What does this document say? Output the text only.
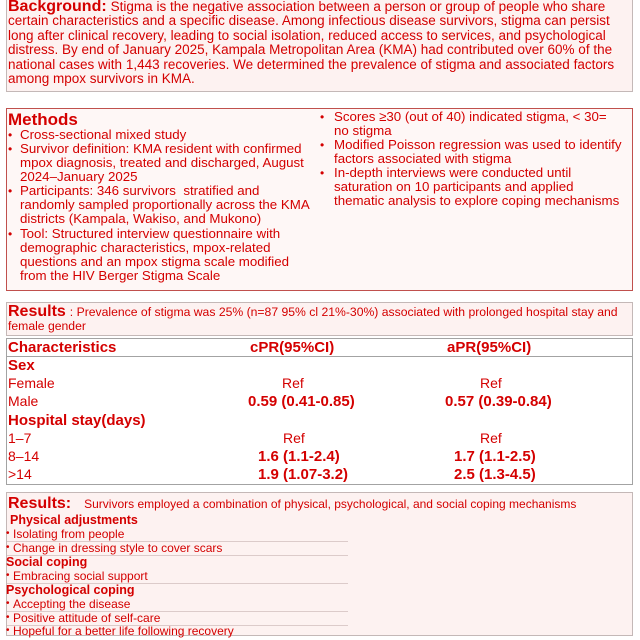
Background: Stigma is the negative association between a person or group of people who share
certain characteristics and a specific disease. Among infectious disease survivors, stigma can persist
long after clinical recovery, leading to social isolation, reduced access to services, and psychological
distress. By end of January 2025, Kampala Metropolitan Area (KMA) had contributed over 60% of the
national cases with 1,443 recoveries. We determined the prevalence of stigma and associated factors
among mpox survivors in KMA.
Methods
• Cross-sectional mixed study
• Survivor definition: KMA resident with confirmed
mpox diagnosis, treated and discharged, August
2024–January 2025
• Participants: 346 survivors  stratified and
randomly sampled proportionally across the KMA
districts (Kampala, Wakiso, and Mukono)
• Tool: Structured interview questionnaire with
demographic characteristics, mpox-related
questions and an mpox stigma scale modified
from the HIV Berger Stigma Scale
• Scores ≥30 (out of 40) indicated stigma, < 30=
no stigma
• Modified Poisson regression was used to identify
factors associated with stigma
• In-depth interviews were conducted until
saturation on 10 participants and applied
thematic analysis to explore coping mechanisms
Results : Prevalence of stigma was 25% (n=87 95% cl 21%-30%) associated with prolonged hospital stay and
female gender
Characteristics	cPR(95%CI)	aPR(95%CI)
Sex
Female	Ref	Ref
Male	0.59 (0.41-0.85)	0.57 (0.39-0.84)
Hospital stay(days)
1–7	Ref	Ref
8–14	1.6 (1.1-2.4)	1.7 (1.1-2.5)
>14	1.9 (1.07-3.2)	2.5 (1.3-4.5)
Results: Survivors employed a combination of physical, psychological, and social coping mechanisms
Physical adjustments
• Isolating from people
• Change in dressing style to cover scars
Social coping
• Embracing social support
Psychological coping
• Accepting the disease
• Positive attitude of self-care
• Hopeful for a better life following recovery
